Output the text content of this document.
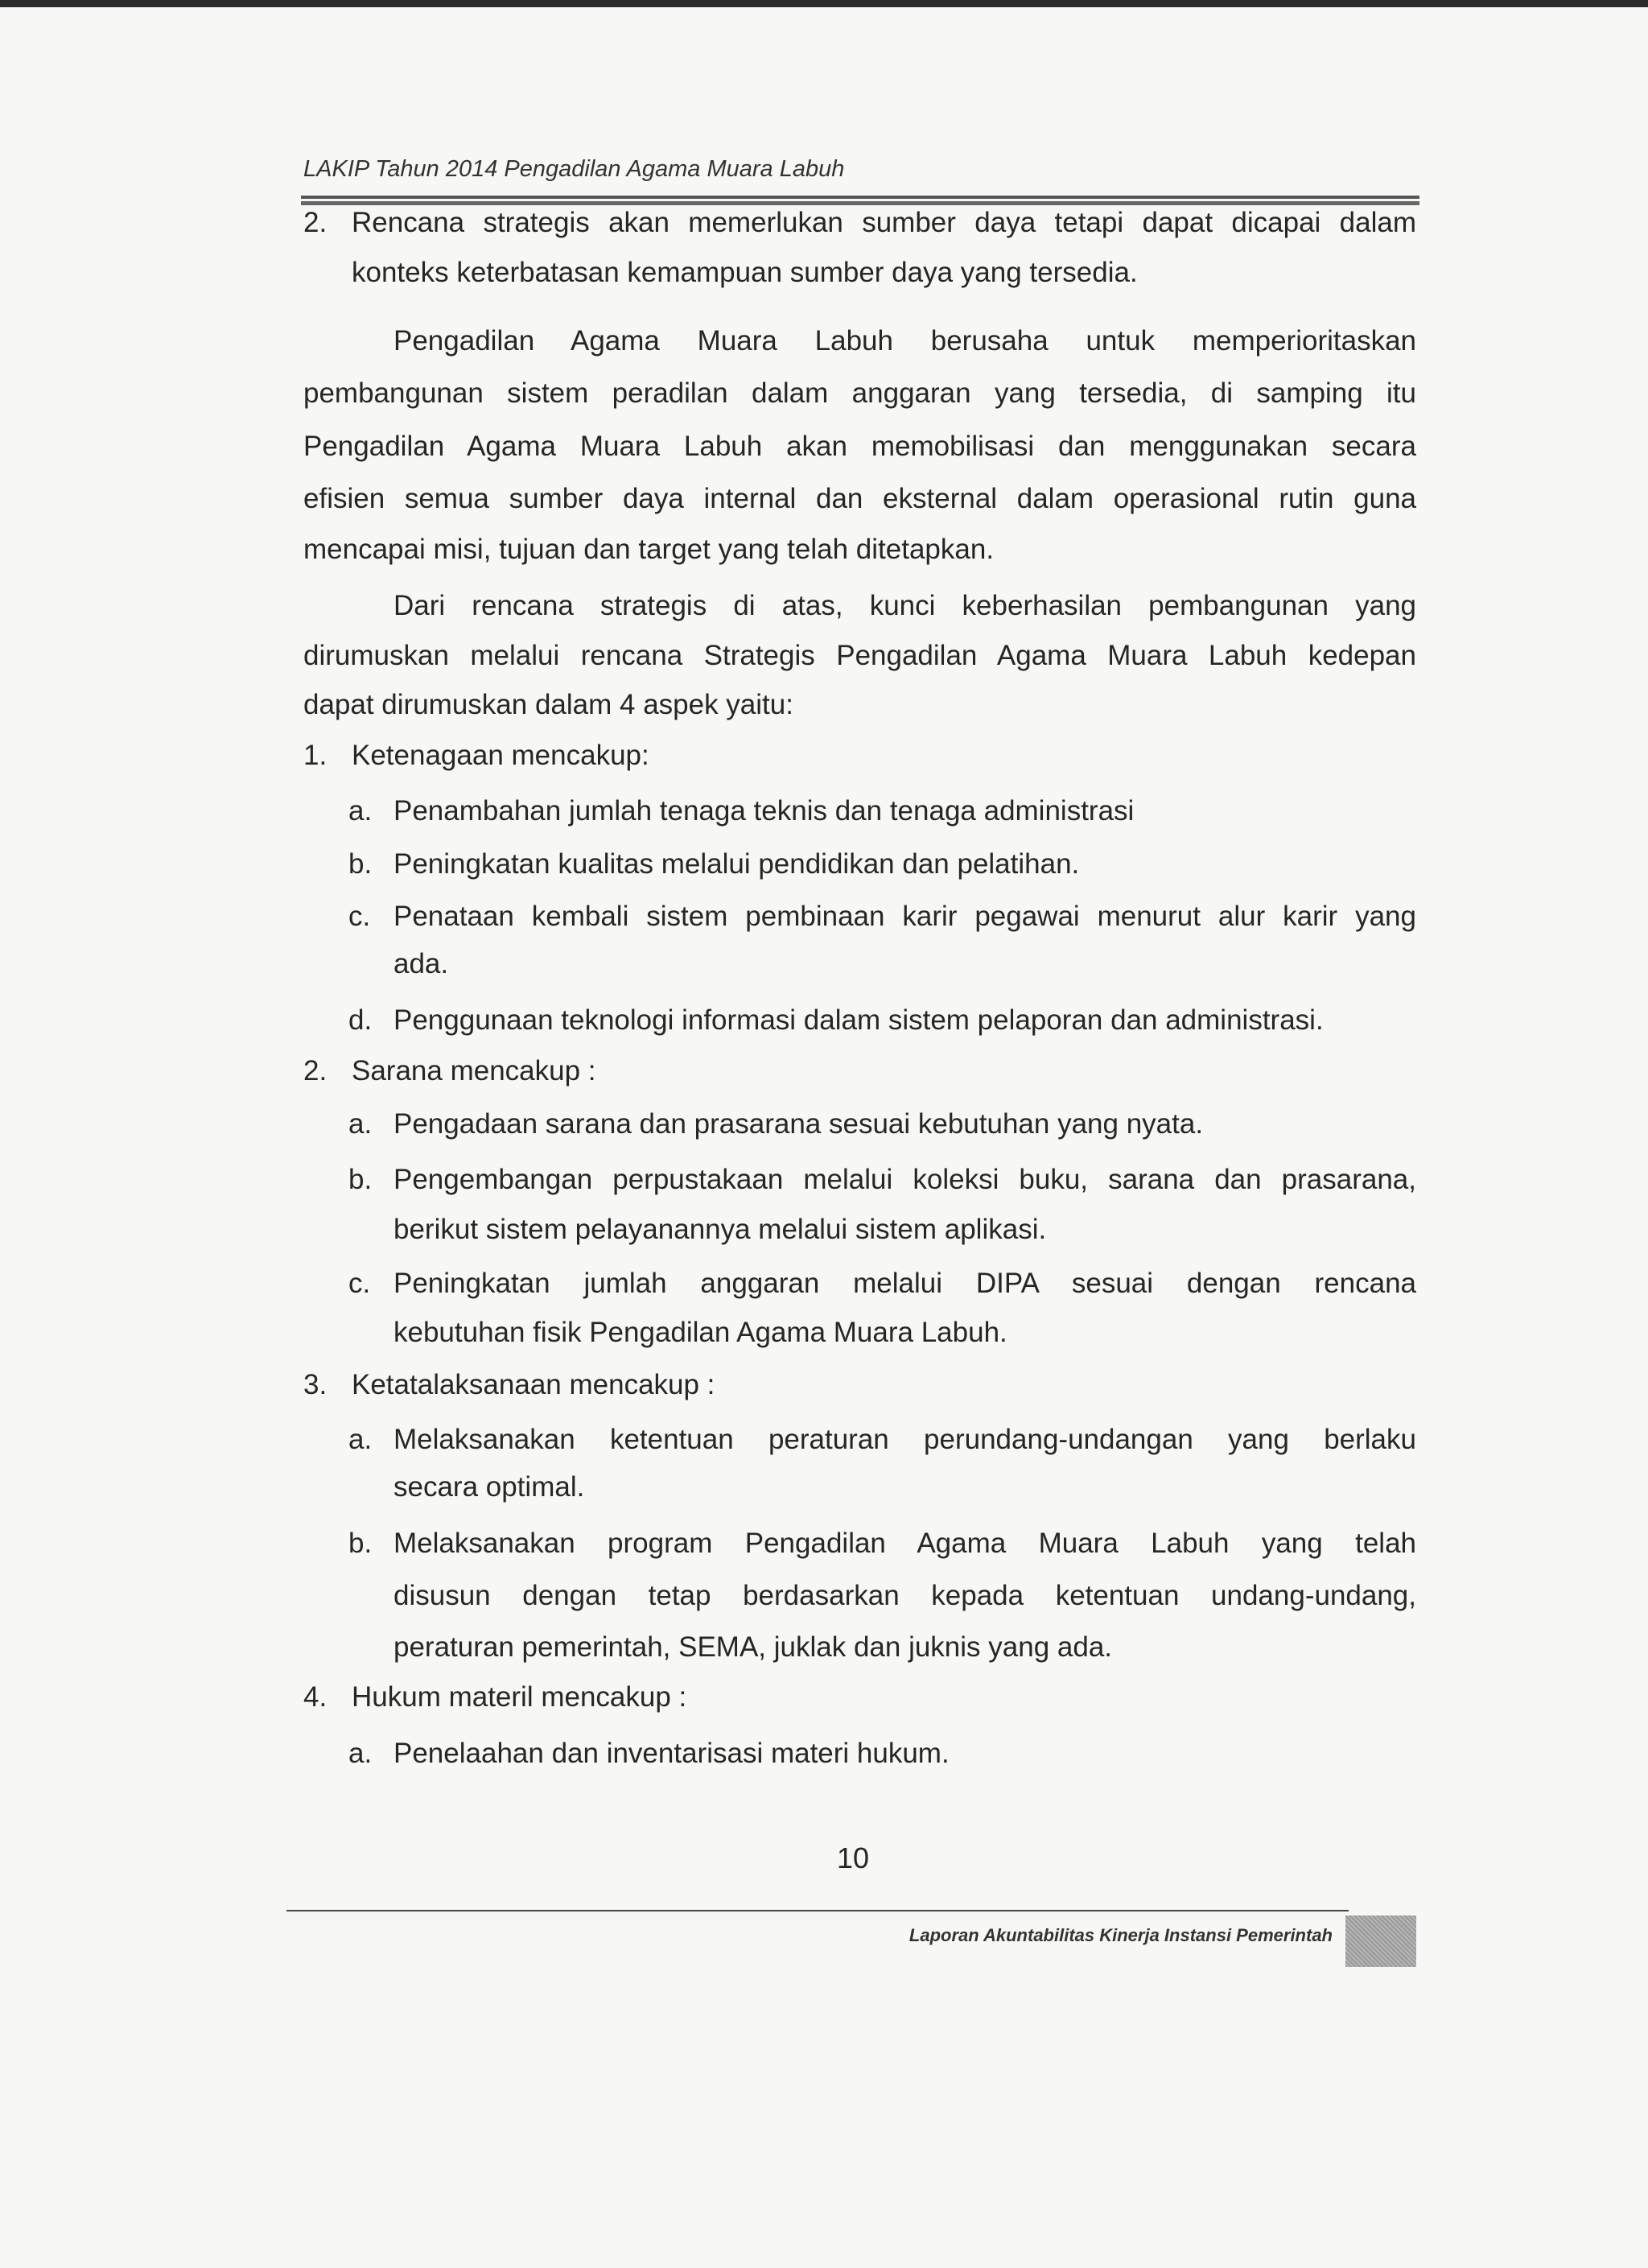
LAKIP Tahun 2014 Pengadilan Agama Muara Labuh
2. Rencana strategis akan memerlukan sumber daya tetapi dapat dicapai dalam
konteks keterbatasan kemampuan sumber daya yang tersedia.
Pengadilan Agama Muara Labuh berusaha untuk memperioritaskan
pembangunan sistem peradilan dalam anggaran yang tersedia, di samping itu
Pengadilan Agama Muara Labuh akan memobilisasi dan menggunakan secara
efisien semua sumber daya internal dan eksternal dalam operasional rutin guna
mencapai misi, tujuan dan target yang telah ditetapkan.
Dari rencana strategis di atas, kunci keberhasilan pembangunan yang
dirumuskan melalui rencana Strategis Pengadilan Agama Muara Labuh kedepan
dapat dirumuskan dalam 4 aspek yaitu:
1. Ketenagaan mencakup:
a. Penambahan jumlah tenaga teknis dan tenaga administrasi
b. Peningkatan kualitas melalui pendidikan dan pelatihan.
c. Penataan kembali sistem pembinaan karir pegawai menurut alur karir yang
ada.
d. Penggunaan teknologi informasi dalam sistem pelaporan dan administrasi.
2. Sarana mencakup :
a. Pengadaan sarana dan prasarana sesuai kebutuhan yang nyata.
b. Pengembangan perpustakaan melalui koleksi buku, sarana dan prasarana,
berikut sistem pelayanannya melalui sistem aplikasi.
c. Peningkatan jumlah anggaran melalui DIPA sesuai dengan rencana
kebutuhan fisik Pengadilan Agama Muara Labuh.
3. Ketatalaksanaan mencakup :
a. Melaksanakan ketentuan peraturan perundang-undangan yang berlaku
secara optimal.
b. Melaksanakan program Pengadilan Agama Muara Labuh yang telah
disusun dengan tetap berdasarkan kepada ketentuan undang-undang,
peraturan pemerintah, SEMA, juklak dan juknis yang ada.
4. Hukum materil mencakup :
a. Penelaahan dan inventarisasi materi hukum.
10
Laporan Akuntabilitas Kinerja Instansi Pemerintah
